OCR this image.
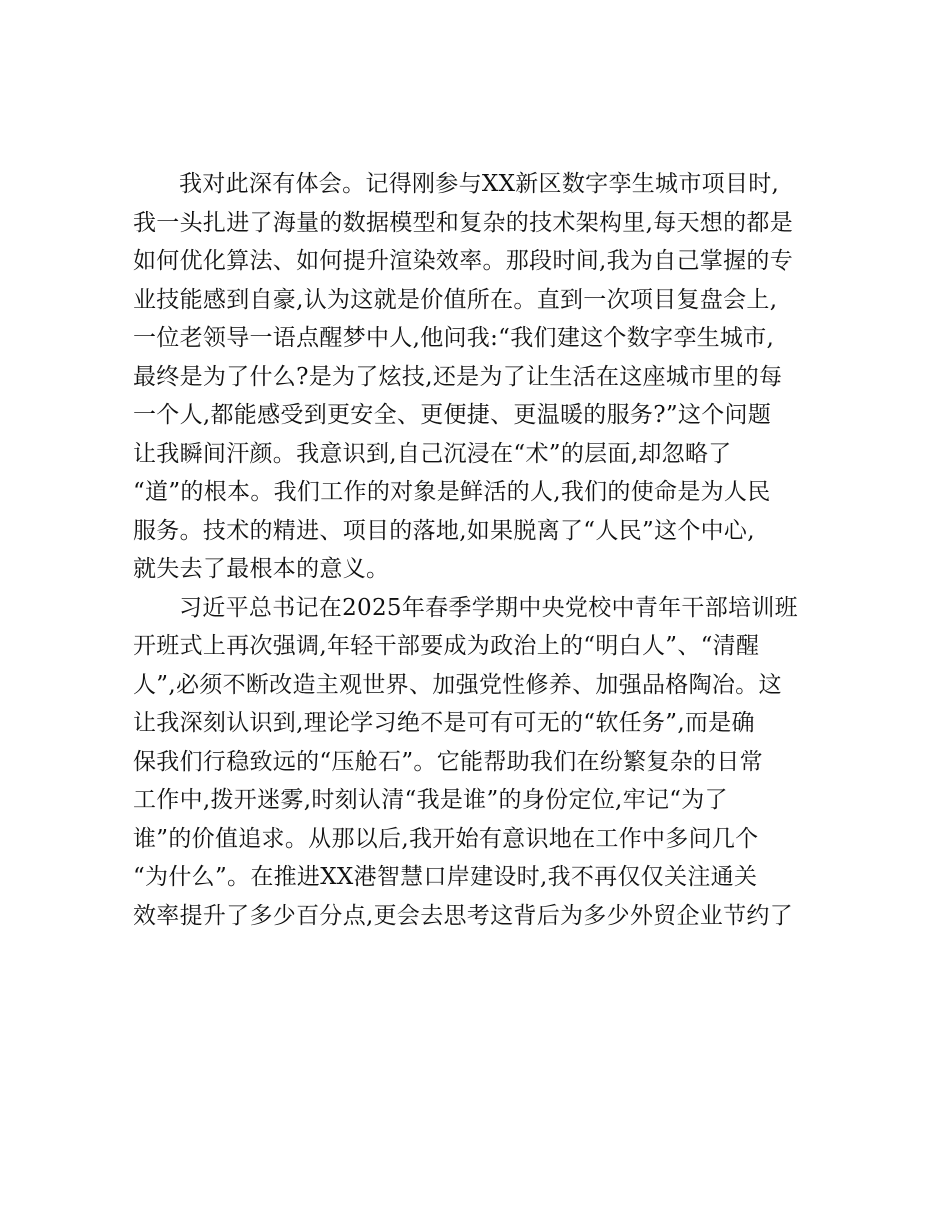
我对此深有体会。记得刚参与XX新区数字孪生城市项目时,
我一头扎进了海量的数据模型和复杂的技术架构里,每天想的都是
如何优化算法、如何提升渲染效率。那段时间,我为自己掌握的专
业技能感到自豪,认为这就是价值所在。直到一次项目复盘会上,
一位老领导一语点醒梦中人,他问我:“我们建这个数字孪生城市,
最终是为了什么?是为了炫技,还是为了让生活在这座城市里的每
一个人,都能感受到更安全、更便捷、更温暖的服务?”这个问题
让我瞬间汗颜。我意识到,自己沉浸在“术”的层面,却忽略了
“道”的根本。我们工作的对象是鲜活的人,我们的使命是为人民
服务。技术的精进、项目的落地,如果脱离了“人民”这个中心,
就失去了最根本的意义。
习近平总书记在2025年春季学期中央党校中青年干部培训班
开班式上再次强调,年轻干部要成为政治上的“明白人”、“清醒
人”,必须不断改造主观世界、加强党性修养、加强品格陶冶。这
让我深刻认识到,理论学习绝不是可有可无的“软任务”,而是确
保我们行稳致远的“压舱石”。它能帮助我们在纷繁复杂的日常
工作中,拨开迷雾,时刻认清“我是谁”的身份定位,牢记“为了
谁”的价值追求。从那以后,我开始有意识地在工作中多问几个
“为什么”。在推进XX港智慧口岸建设时,我不再仅仅关注通关
效率提升了多少百分点,更会去思考这背后为多少外贸企业节约了
